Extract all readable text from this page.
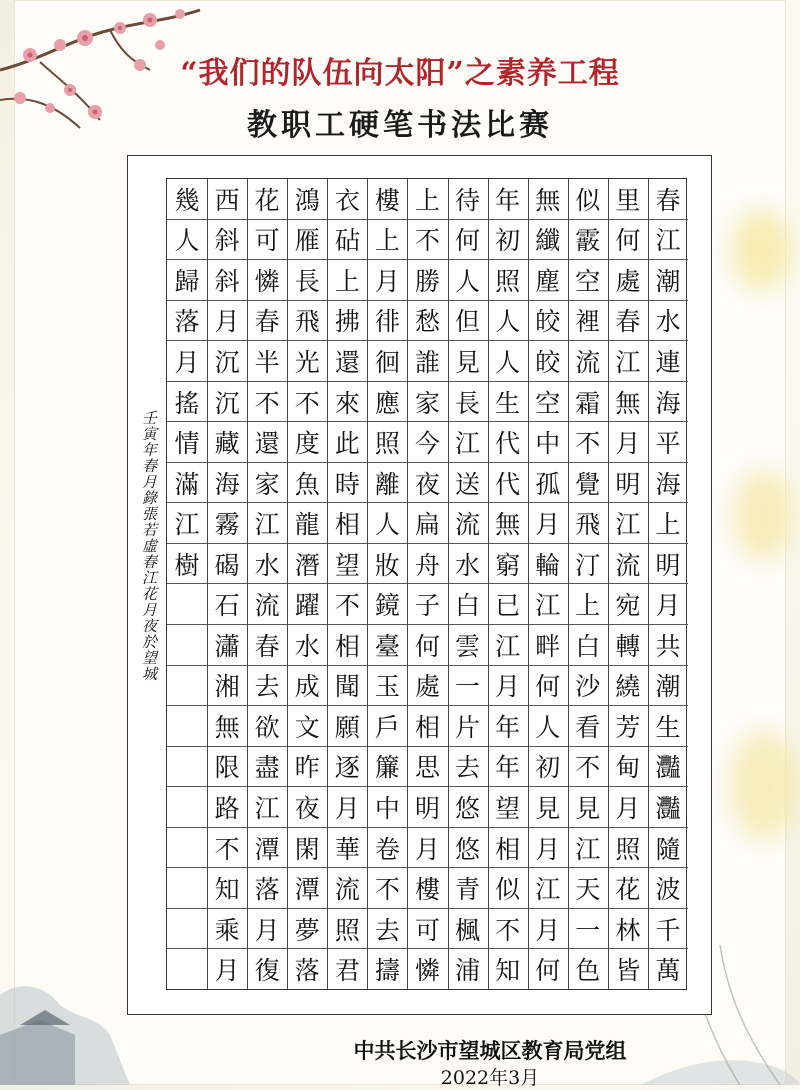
“我们的队伍向太阳”之素养工程
教职工硬笔书法比赛
春
江
潮
水
連
海
平
海
上
明
月
共
潮
生
灩
灩
隨
波
千
萬
里
何
處
春
江
無
月
明
江
流
宛
轉
繞
芳
甸
月
照
花
林
皆
似
霰
空
裡
流
霜
不
覺
飛
汀
上
白
沙
看
不
見
江
天
一
色
無
纖
塵
皎
皎
空
中
孤
月
輪
江
畔
何
人
初
見
月
江
月
何
年
初
照
人
人
生
代
代
無
窮
已
江
月
年
年
望
相
似
不
知
待
何
人
但
見
長
江
送
流
水
白
雲
一
片
去
悠
悠
青
楓
浦
上
不
勝
愁
誰
家
今
夜
扁
舟
子
何
處
相
思
明
月
樓
可
憐
樓
上
月
徘
徊
應
照
離
人
妝
鏡
臺
玉
戶
簾
中
卷
不
去
擣
衣
砧
上
拂
還
來
此
時
相
望
不
相
聞
願
逐
月
華
流
照
君
鴻
雁
長
飛
光
不
度
魚
龍
潛
躍
水
成
文
昨
夜
閑
潭
夢
落
花
可
憐
春
半
不
還
家
江
水
流
春
去
欲
盡
江
潭
落
月
復
西
斜
斜
月
沉
沉
藏
海
霧
碣
石
瀟
湘
無
限
路
不
知
乘
月
幾
人
歸
落
月
搖
情
滿
江
樹
壬寅年春月錄張若虛春江花月夜於望城
中共长沙市望城区教育局党组
2022年3月
